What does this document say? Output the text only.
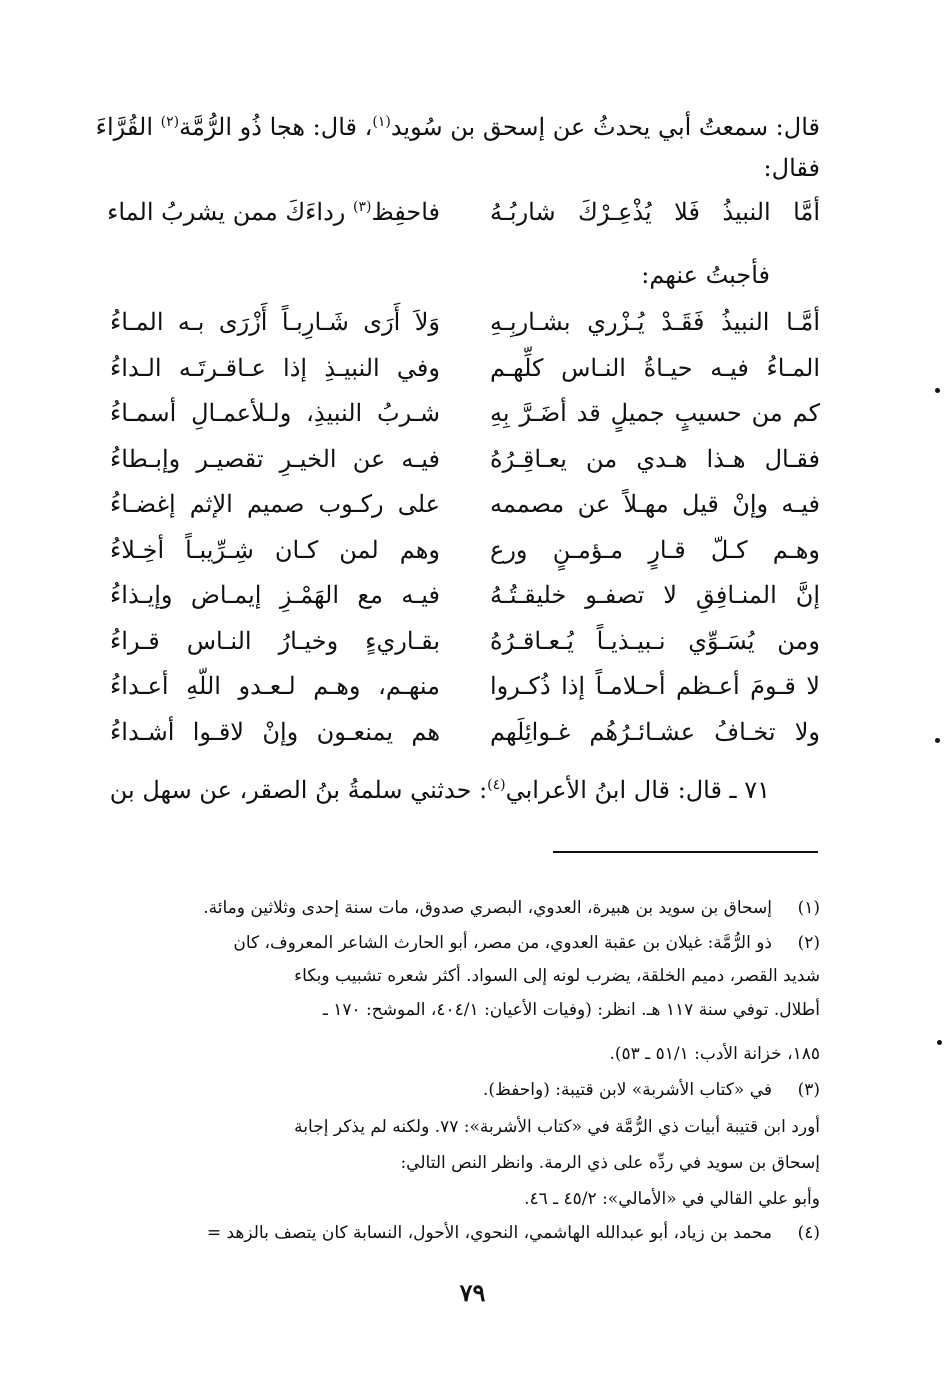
قال: سمعتُ أبي يحدثُ عن إسحق بن سُويد$^{(١)}$، قال: هجا ذُو الرُّمَّة$^{(٢)}$ القُرَّاءَ
فقال:
أمَّا النبيذُ فَلا يُذْعِـرْكَ شاربُـهُ
فاحفِظ$^{(٣)}$ رداءَكَ ممن يشربُ الماء
فأجبتُ عنهم:
أمَّـا النبيذُ فَقَـدْ يُـزْري بشـاربِـهِ
وَلاَ أَرَى شَـارِبـاً أَزْرَى بـه المـاءُ
المـاءُ فيـه حيـاةُ النـاس كلِّهـم
وفي النبيـذِ إذا عـاقـرتَـه الـداءُ
كم من حسيبٍ جميلٍ قد أضَـرَّ بِهِ
شـربُ النبيذِ، ولـلأعمـالِ أسمـاءُ
فقـال هـذا هـدي من يعـاقِـرُهُ
فيـه عن الخيـرِ تقصيـر وإبـطاءُ
فيـه وإنْ قيل مهـلاً عن مصممه
على ركـوب صميم الإثم إغضـاءُ
وهـم كـلّ قـارٍ مـؤمـنٍ ورع
وهم لمن كـان شِـرِّيبـاً أخِـلاءُ
إنَّ المنـافِقِ لا تصفـو خليقـتُـهُ
فيـه مع الهَمْـزِ إيمـاض وإيـذاءُ
ومن يُسَـوِّي نـبيـذيـاً يُـعـاقـرُهُ
بقـاريءٍ وخيـارُ النـاس قـراءُ
لا قـومَ أعـظم أحـلامـاً إذا ذُكـروا
منهـم، وهـم لـعـدو اللّهِ أعـداءُ
ولا تخـافُ عشـائـرُهُم غـوائِلَهم
هم يمنعـون وإنْ لاقـوا أشـداءُ
٧١ ـ قال: قال ابنُ الأعرابي$^{(٤)}$: حدثني سلمةُ بنُ الصقر، عن سهل بن
(١)
إسحاق بن سويد بن هبيرة، العدوي، البصري صدوق، مات سنة إحدى وثلاثين ومائة.
(٢)
ذو الرُّمَّة: غيلان بن عقبة العدوي، من مصر، أبو الحارث الشاعر المعروف، كان
شديد القصر، دميم الخلقة، يضرب لونه إلى السواد. أكثر شعره تشبيب وبكاء
أطلال. توفي سنة ١١٧ هـ. انظر: (وفيات الأعيان: ٤٠٤/١، الموشح: ١٧٠ ـ
١٨٥، خزانة الأدب: ٥١/١ ـ ٥٣).
(٣)
في «كتاب الأشربة» لابن قتيبة: (واحفظ).
أورد ابن قتيبة أبيات ذي الرُّمَّة في «كتاب الأشربة»: ٧٧. ولكنه لم يذكر إجابة
إسحاق بن سويد في ردِّه على ذي الرمة. وانظر النص التالي:
وأبو علي القالي في «الأمالي»: ٤٥/٢ ـ ٤٦.
(٤)
محمد بن زياد، أبو عبدالله الهاشمي، النحوي، الأحول، النسابة كان يتصف بالزهد =
٧٩
